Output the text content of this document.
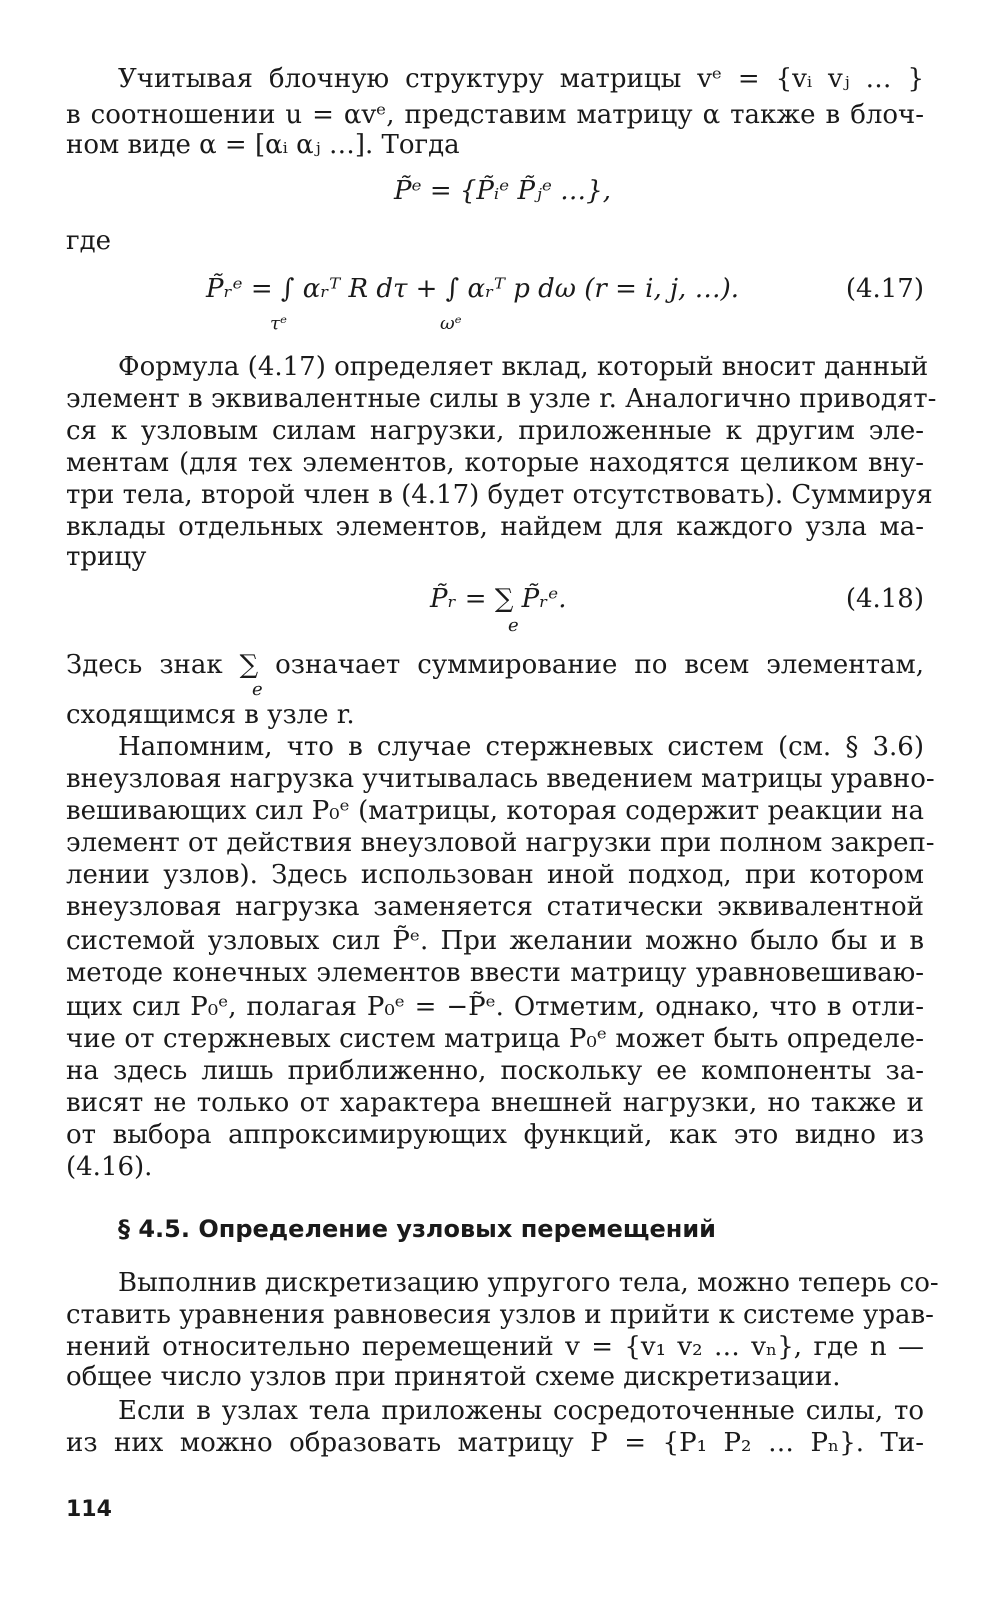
Учитывая блочную структуру матрицы vᵉ = {vᵢ vⱼ … }
в соотношении u = αvᵉ, представим матрицу α также в блоч-
ном виде α = [αᵢ αⱼ …]. Тогда
P̃ᵉ = {P̃ᵢᵉ P̃ⱼᵉ …},
где
P̃ᵣᵉ = ∫ αᵣᵀ R dτ + ∫ αᵣᵀ p dω (r = i, j, …).
τᵉ	ωᵉ
(4.17)
Формула (4.17) определяет вклад, который вносит данный
элемент в эквивалентные силы в узле r. Аналогично приводят-
ся к узловым силам нагрузки, приложенные к другим эле-
ментам (для тех элементов, которые находятся целиком вну-
три тела, второй член в (4.17) будет отсутствовать). Суммируя
вклады отдельных элементов, найдем для каждого узла ма-
трицу
P̃ᵣ = ∑ P̃ᵣᵉ.
e
(4.18)
Здесь знак ∑ означает суммирование по всем элементам,
e
сходящимся в узле r.
Напомним, что в случае стержневых систем (см. § 3.6)
внеузловая нагрузка учитывалась введением матрицы уравно-
вешивающих сил P₀ᵉ (матрицы, которая содержит реакции на
элемент от действия внеузловой нагрузки при полном закреп-
лении узлов). Здесь использован иной подход, при котором
внеузловая нагрузка заменяется статически эквивалентной
системой узловых сил P̃ᵉ. При желании можно было бы и в
методе конечных элементов ввести матрицу уравновешиваю-
щих сил P₀ᵉ, полагая P₀ᵉ = −P̃ᵉ. Отметим, однако, что в отли-
чие от стержневых систем матрица P₀ᵉ может быть определе-
на здесь лишь приближенно, поскольку ее компоненты за-
висят не только от характера внешней нагрузки, но также и
от выбора аппроксимирующих функций, как это видно из
(4.16).
§ 4.5. Определение узловых перемещений
Выполнив дискретизацию упругого тела, можно теперь со-
ставить уравнения равновесия узлов и прийти к системе урав-
нений относительно перемещений v = {v₁ v₂ … vₙ}, где n —
общее число узлов при принятой схеме дискретизации.
Если в узлах тела приложены сосредоточенные силы, то
из них можно образовать матрицу P = {P₁ P₂ … Pₙ}. Ти-
114
